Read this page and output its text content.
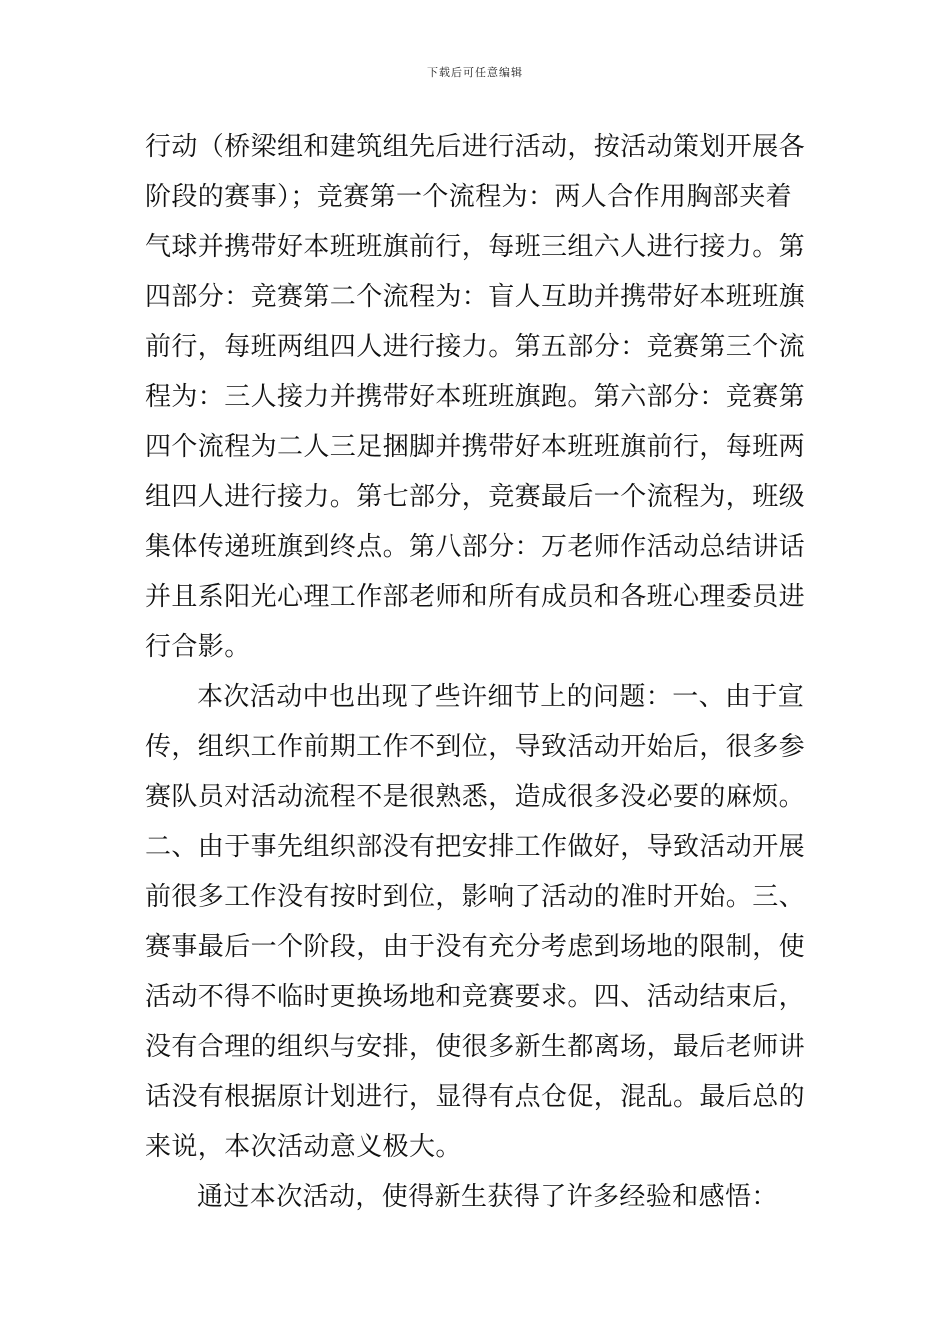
下载后可任意编辑
行动（桥梁组和建筑组先后进行活动，按活动策划开展各
阶段的赛事）；竞赛第一个流程为：两人合作用胸部夹着
气球并携带好本班班旗前行，每班三组六人进行接力。第
四部分：竞赛第二个流程为：盲人互助并携带好本班班旗
前行，每班两组四人进行接力。第五部分：竞赛第三个流
程为：三人接力并携带好本班班旗跑。第六部分：竞赛第
四个流程为二人三足捆脚并携带好本班班旗前行，每班两
组四人进行接力。第七部分，竞赛最后一个流程为，班级
集体传递班旗到终点。第八部分：万老师作活动总结讲话
并且系阳光心理工作部老师和所有成员和各班心理委员进
行合影。
本次活动中也出现了些许细节上的问题：一、由于宣
传，组织工作前期工作不到位，导致活动开始后，很多参
赛队员对活动流程不是很熟悉，造成很多没必要的麻烦。
二、由于事先组织部没有把安排工作做好，导致活动开展
前很多工作没有按时到位，影响了活动的准时开始。三、
赛事最后一个阶段，由于没有充分考虑到场地的限制，使
活动不得不临时更换场地和竞赛要求。四、活动结束后，
没有合理的组织与安排，使很多新生都离场，最后老师讲
话没有根据原计划进行，显得有点仓促，混乱。最后总的
来说，本次活动意义极大。
通过本次活动，使得新生获得了许多经验和感悟：
